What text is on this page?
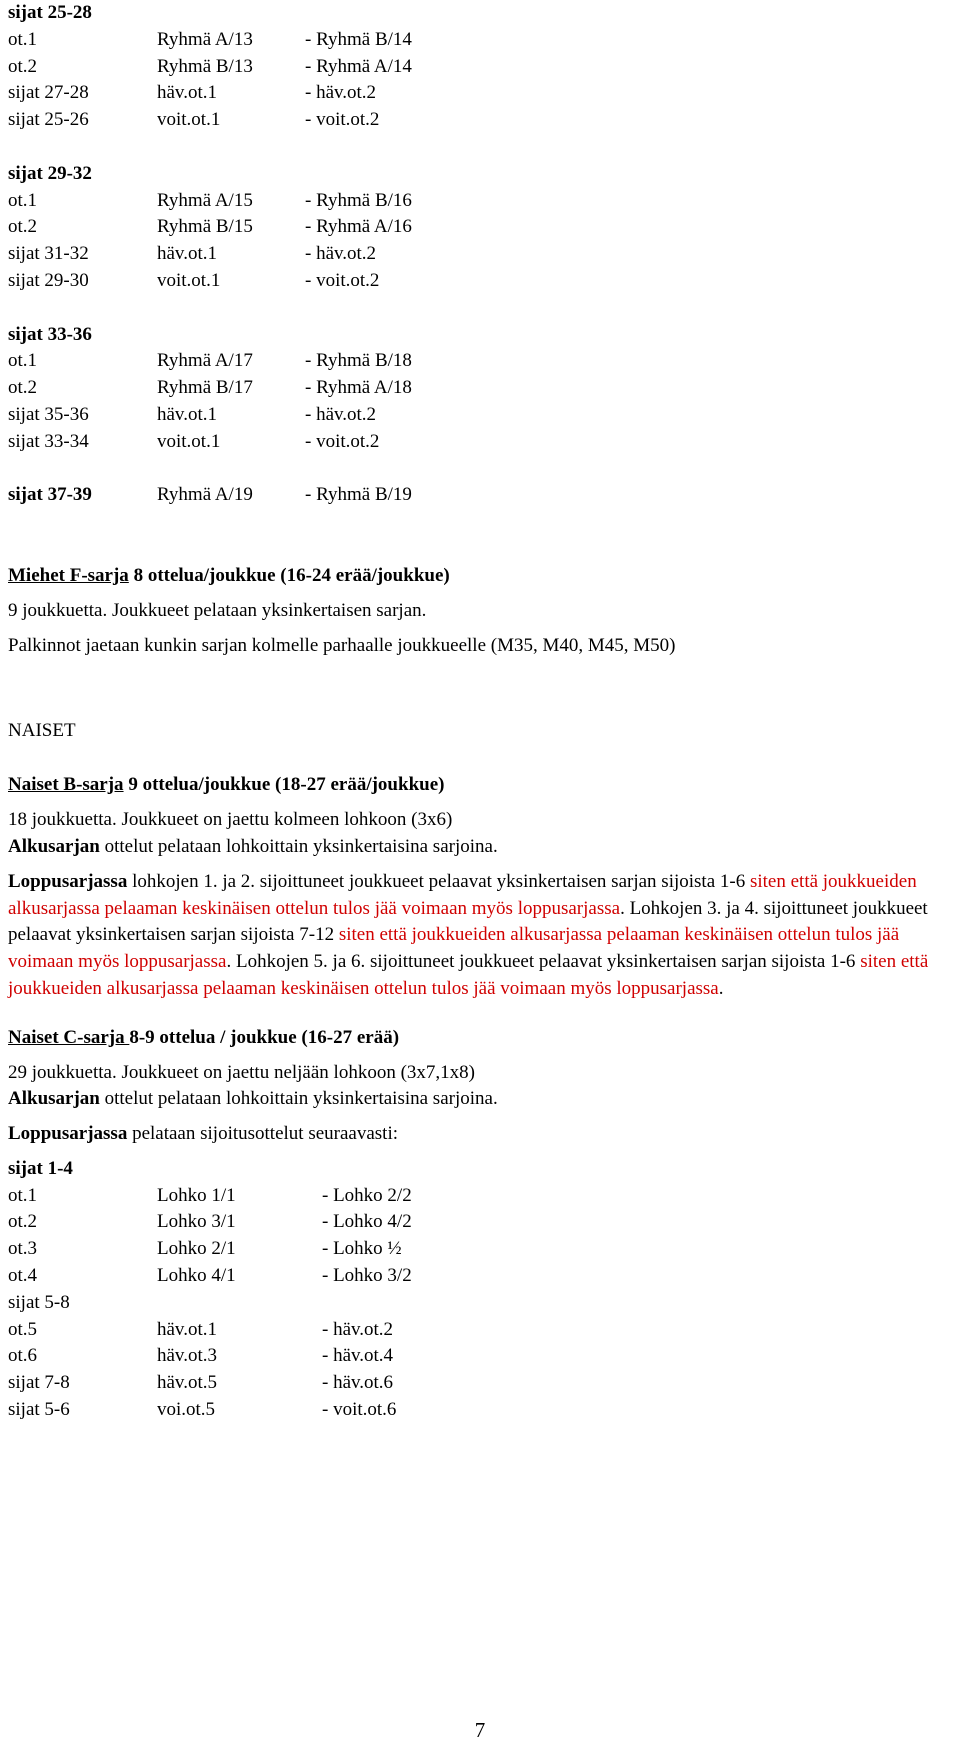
sijat 25-28
ot.1	Ryhmä A/13	- Ryhmä B/14
ot.2	Ryhmä B/13	- Ryhmä A/14
sijat 27-28	häv.ot.1	- häv.ot.2
sijat 25-26	voit.ot.1	- voit.ot.2
sijat 29-32
ot.1	Ryhmä A/15	- Ryhmä B/16
ot.2	Ryhmä B/15	- Ryhmä A/16
sijat 31-32	häv.ot.1	- häv.ot.2
sijat 29-30	voit.ot.1	- voit.ot.2
sijat 33-36
ot.1	Ryhmä A/17	- Ryhmä B/18
ot.2	Ryhmä B/17	- Ryhmä A/18
sijat 35-36	häv.ot.1	- häv.ot.2
sijat 33-34	voit.ot.1	- voit.ot.2
sijat 37-39	Ryhmä A/19	- Ryhmä B/19
Miehet F-sarja 8 ottelua/joukkue (16-24 erää/joukkue)
9 joukkuetta. Joukkueet pelataan yksinkertaisen sarjan.
Palkinnot jaetaan kunkin sarjan kolmelle parhaalle joukkueelle (M35, M40, M45, M50)
NAISET
Naiset B-sarja 9 ottelua/joukkue (18-27 erää/joukkue)
18 joukkuetta. Joukkueet on jaettu kolmeen lohkoon (3x6)
Alkusarjan ottelut pelataan lohkoittain yksinkertaisina sarjoina.
Loppusarjassa lohkojen 1. ja 2. sijoittuneet joukkueet pelaavat yksinkertaisen sarjan sijoista 1-6 siten että joukkueiden alkusarjassa pelaaman keskinäisen ottelun tulos jää voimaan myös loppusarjassa. Lohkojen 3. ja 4. sijoittuneet joukkueet pelaavat yksinkertaisen sarjan sijoista 7-12 siten että joukkueiden alkusarjassa pelaaman keskinäisen ottelun tulos jää voimaan myös loppusarjassa. Lohkojen 5. ja 6. sijoittuneet joukkueet pelaavat yksinkertaisen sarjan sijoista 1-6 siten että joukkueiden alkusarjassa pelaaman keskinäisen ottelun tulos jää voimaan myös loppusarjassa.
Naiset C-sarja 8-9 ottelua / joukkue (16-27 erää)
29 joukkuetta. Joukkueet on jaettu neljään lohkoon (3x7,1x8)
Alkusarjan ottelut pelataan lohkoittain yksinkertaisina sarjoina.
Loppusarjassa pelataan sijoitusottelut seuraavasti:
sijat 1-4
ot.1	Lohko 1/1	- Lohko 2/2
ot.2	Lohko 3/1	- Lohko 4/2
ot.3	Lohko 2/1	- Lohko ½
ot.4	Lohko 4/1	- Lohko 3/2
sijat 5-8
ot.5	häv.ot.1	- häv.ot.2
ot.6	häv.ot.3	- häv.ot.4
sijat 7-8	häv.ot.5	- häv.ot.6
sijat 5-6	voi.ot.5	- voit.ot.6
7
